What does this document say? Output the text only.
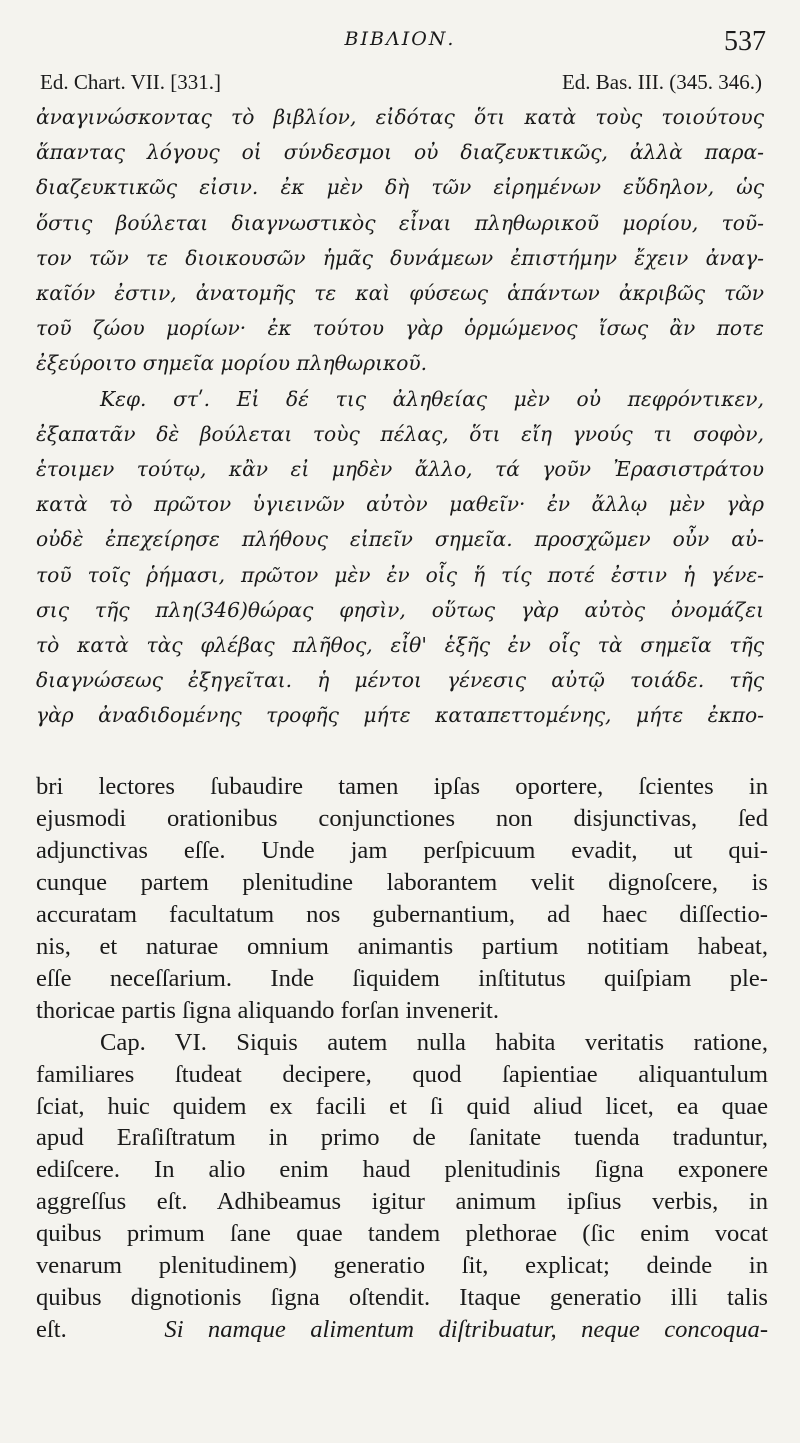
ΒΙΒΛΙΟΝ.	537
Ed. Chart. VII. [331.]	Ed. Bas. III. (345. 346.)
ἀναγινώσκοντας τὸ βιβλίον, εἰδότας ὅτι κατὰ τοὺς τοιούτους
ἅπαντας λόγους οἱ σύνδεσμοι οὐ διαζευκτικῶς, ἀλλὰ παρα-
διαζευκτικῶς εἰσιν. ἐκ μὲν δὴ τῶν εἰρημένων εὔδηλον, ὡς
ὅστις βούλεται διαγνωστικὸς εἶναι πληθωρικοῦ μορίου, τοῦ-
τον τῶν τε διοικουσῶν ἡμᾶς δυνάμεων ἐπιστήμην ἔχειν ἀναγ-
καῖόν ἐστιν, ἀνατομῆς τε καὶ φύσεως ἁπάντων ἀκριβῶς τῶν
τοῦ ζώου μορίων· ἐκ τούτου γὰρ ὁρμώμενος ἴσως ἂν ποτε
ἐξεύροιτο σημεῖα μορίου πληθωρικοῦ.
Κεφ. στʹ. Εἰ δέ τις ἀληθείας μὲν οὐ πεφρόντικεν,
ἐξαπατᾶν δὲ βούλεται τοὺς πέλας, ὅτι εἴη γνούς τι σοφὸν,
ἑτοιμεν τούτῳ, κἂν εἰ μηδὲν ἄλλο, τά γοῦν Ἐρασιστράτου
κατὰ τὸ πρῶτον ὑγιεινῶν αὐτὸν μαθεῖν· ἐν ἄλλῳ μὲν γὰρ
οὐδὲ ἐπεχείρησε πλήθους εἰπεῖν σημεῖα. προσχῶμεν οὖν αὐ-
τοῦ τοῖς ῥήμασι, πρῶτον μὲν ἐν οἷς ἥ τίς ποτέ ἐστιν ἡ γένε-
σις τῆς πλη(346)θώρας φησὶν, οὕτως γὰρ αὐτὸς ὀνομάζει
τὸ κατὰ τὰς φλέβας πλῆθος, εἶθ' ἑξῆς ἐν οἷς τὰ σημεῖα τῆς
διαγνώσεως ἐξηγεῖται. ἡ μέντοι γένεσις αὐτῷ τοιάδε. τῆς
γὰρ ἀναδιδομένης τροφῆς μήτε καταπεττομένης, μήτε ἐκπο-
bri lectores ſubaudire tamen ipſas oportere, ſcientes in
ejusmodi orationibus conjunctiones non disjunctivas, ſed
adjunctivas eſſe. Unde jam perſpicuum evadit, ut qui-
cunque partem plenitudine laborantem velit dignoſcere, is
accuratam facultatum nos gubernantium, ad haec diſſectio-
nis, et naturae omnium animantis partium notitiam habeat,
eſſe neceſſarium. Inde ſiquidem inſtitutus quiſpiam ple-
thoricae partis ſigna aliquando forſan invenerit.
Cap. VI. Siquis autem nulla habita veritatis ratione,
familiares ſtudeat decipere, quod ſapientiae aliquantulum
ſciat, huic quidem ex facili et ſi quid aliud licet, ea quae
apud Eraſiſtratum in primo de ſanitate tuenda traduntur,
ediſcere. In alio enim haud plenitudinis ſigna exponere
aggreſſus eſt. Adhibeamus igitur animum ipſius verbis, in
quibus primum ſane quae tandem plethorae (ſic enim vocat
venarum plenitudinem) generatio ſit, explicat; deinde in
quibus dignotionis ſigna oſtendit. Itaque generatio illi talis
eſt.	Si namque alimentum diſtribuatur, neque concoqua-
